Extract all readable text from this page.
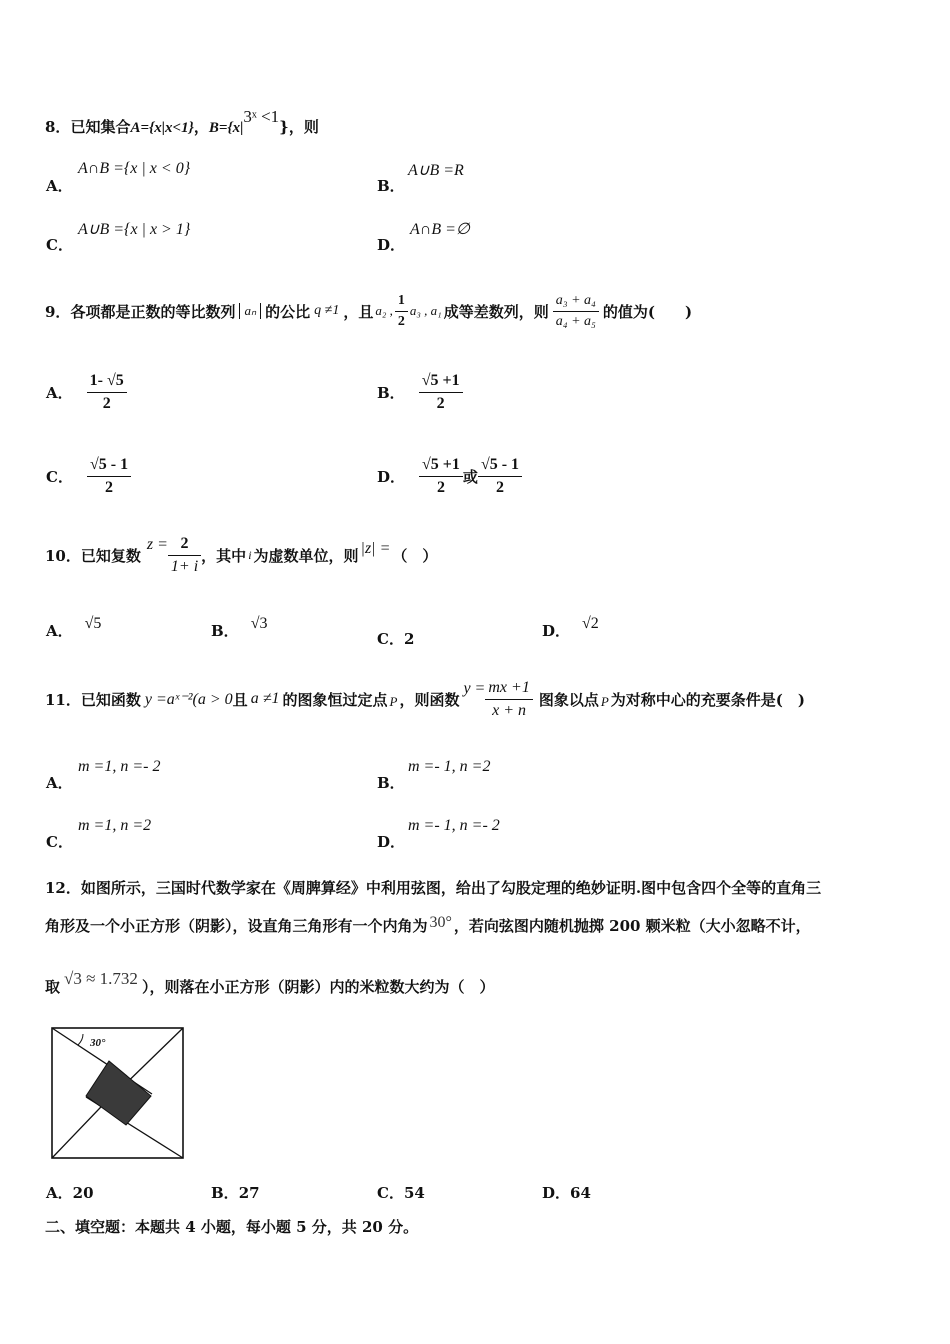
8．已知集合A={x|x<1}，B={x|3ˣ <1}，则
A．
A∩B ={x | x < 0}
B．
A∪B =R
C．
A∪B ={x | x > 1}
D．
A∩B =∅
9． 各项都是正数的等比数列 aₙ 的公比 q ≠1 ，且 a₂ , $\frac{1}{2} a_3$ , a₁ 成等差数列，则 $\frac{\text{a₃ + a₄}}{\text{a₄ + a₅}}$ 的值为(　　)
A． $\frac{1- √5}{2}$	B． $\frac{√5 +1}{2}$
C． $\frac{√5 - 1}{2}$	D． $\frac{√5 +1}{2}$ 或 $\frac{√5 - 1}{2}$
10． 已知复数
$z = \frac{2}{1+ i}$ ，其中 i 为虚数单位，则 |z| = （　）
A． √5	B． √3
C．2	D． √2
11． 已知函数 y =aˣ⁻²(a > 0 且 a ≠1 的图象恒过定点 P ，则函数
$y = \frac{mx +1}{x + n}$ 图象以点 P 为对称中心的充要条件是(　)
A．
m =1, n =- 2
B．
m =- 1, n =2
C．
m =1, n =2
D．
m =- 1, n =- 2
12．如图所示，三国时代数学家在《周脾算经》中利用弦图，给出了勾股定理的绝妙证明.图中包含四个全等的直角三
角形及一个小正方形（阴影），设直角三角形有一个内角为 30° ，若向弦图内随机抛掷 200 颗米粒（大小忽略不计，
取 √3 ≈ 1.732 ），则落在小正方形（阴影）内的米粒数大约为（　）
30°
A．20	B．27	C．54	D．64
二、填空题：本题共 4 小题，每小题 5 分，共 20 分。
